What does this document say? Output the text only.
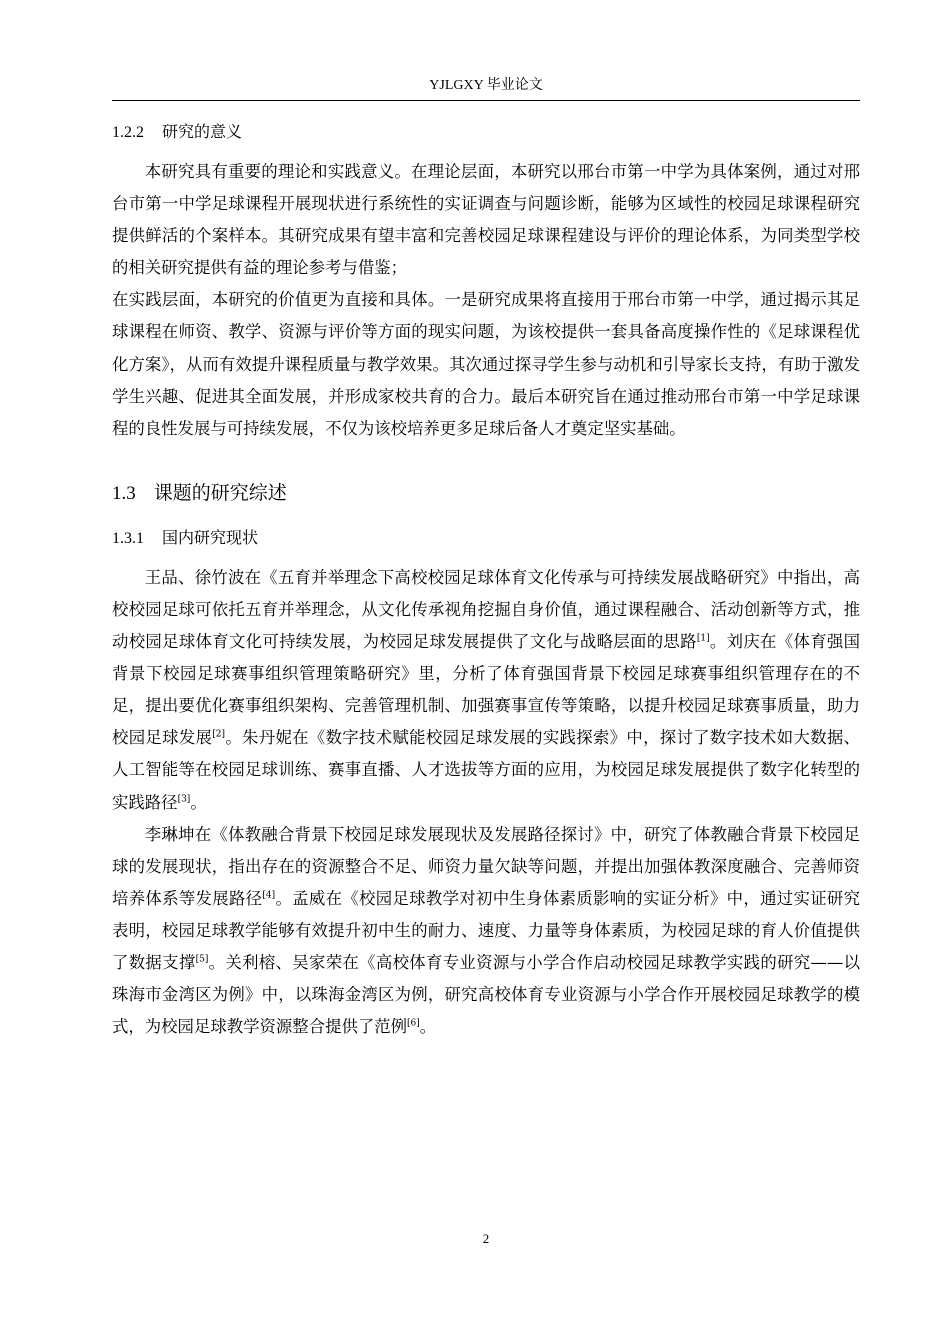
YJLGXY 毕业论文
1.2.2 研究的意义

本研究具有重要的理论和实践意义。在理论层面，本研究以邢台市第一中学为具体案例，通过对邢台市第一中学足球课程开展现状进行系统性的实证调查与问题诊断，能够为区域性的校园足球课程研究提供鲜活的个案样本。其研究成果有望丰富和完善校园足球课程建设与评价的理论体系，为同类型学校的相关研究提供有益的理论参考与借鉴；

在实践层面，本研究的价值更为直接和具体。一是研究成果将直接用于邢台市第一中学，通过揭示其足球课程在师资、教学、资源与评价等方面的现实问题，为该校提供一套具备高度操作性的《足球课程优化方案》，从而有效提升课程质量与教学效果。其次通过探寻学生参与动机和引导家长支持，有助于激发学生兴趣、促进其全面发展，并形成家校共育的合力。最后本研究旨在通过推动邢台市第一中学足球课程的良性发展与可持续发展，不仅为该校培养更多足球后备人才奠定坚实基础。

1.3 课题的研究综述
1.3.1 国内研究现状

王品、徐竹波在《五育并举理念下高校校园足球体育文化传承与可持续发展战略研究》中指出，高校校园足球可依托五育并举理念，从文化传承视角挖掘自身价值，通过课程融合、活动创新等方式，推动校园足球体育文化可持续发展，为校园足球发展提供了文化与战略层面的思路[1]。刘庆在《体育强国背景下校园足球赛事组织管理策略研究》里，分析了体育强国背景下校园足球赛事组织管理存在的不足，提出要优化赛事组织架构、完善管理机制、加强赛事宣传等策略，以提升校园足球赛事质量，助力校园足球发展[2]。朱丹妮在《数字技术赋能校园足球发展的实践探索》中，探讨了数字技术如大数据、人工智能等在校园足球训练、赛事直播、人才选拔等方面的应用，为校园足球发展提供了数字化转型的实践路径[3]。

李琳坤在《体教融合背景下校园足球发展现状及发展路径探讨》中，研究了体教融合背景下校园足球的发展现状，指出存在的资源整合不足、师资力量欠缺等问题，并提出加强体教深度融合、完善师资培养体系等发展路径[4]。孟威在《校园足球教学对初中生身体素质影响的实证分析》中，通过实证研究表明，校园足球教学能够有效提升初中生的耐力、速度、力量等身体素质，为校园足球的育人价值提供了数据支撑[5]。关利榕、吴家荣在《高校体育专业资源与小学合作启动校园足球教学实践的研究——以珠海市金湾区为例》中，以珠海金湾区为例，研究高校体育专业资源与小学合作开展校园足球教学的模式，为校园足球教学资源整合提供了范例[6]。

2
